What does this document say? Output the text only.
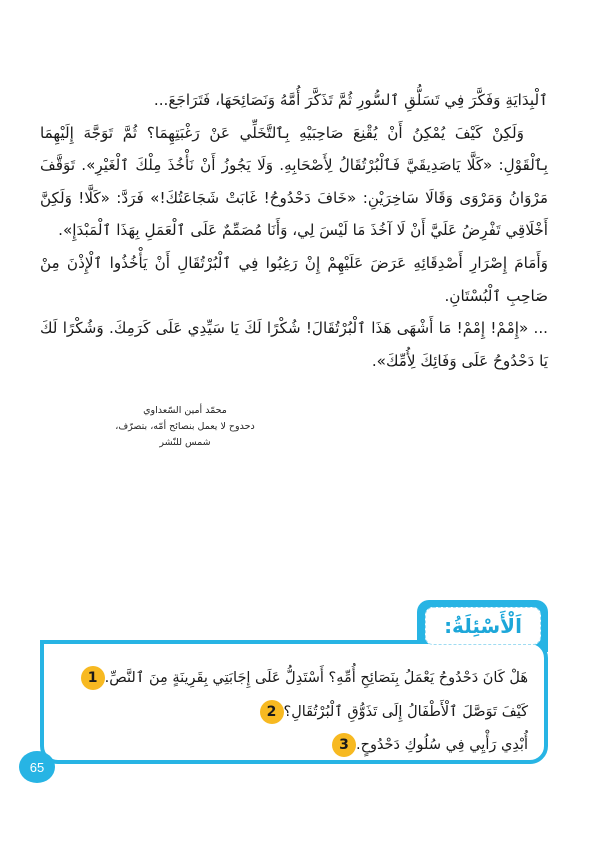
ٱلْبِدَايَةِ وَفَكَّرَ فِي تَسَلُّقِ ٱلسُّورِ ثُمَّ تَذَكَّرَ أُمَّهُ وَنَصَائِحَهَا، فَتَرَاجَعَ...

وَلَكِنْ كَيْفَ يُمْكِنُ أَنْ يُقْنِعَ صَاحِبَيْهِ بِٱلتَّخَلِّي عَنْ رَغْبَتِهِمَا؟ ثُمَّ تَوَجَّهَ إِلَيْهِمَا بِٱلْقَوْلِ: «كَلَّا يَاصَدِيقَيَّ فَٱلْبُرْتُقَالُ لِأَصْحَابِهِ. وَلَا يَجُوزُ أَنْ نَأْخُذَ مِلْكَ ٱلْغَيْرِ». تَوَقَّفَ مَرْوَانُ وَمَرْوَى وَقَالَا سَاخِرَيْنِ: «خَافَ دَحْدُوحُ! غَابَتْ شَجَاعَتُكَ!» فَرَدَّ: «كَلَّا! وَلَكِنَّ أَخْلَاقِي تَفْرِضُ عَلَيَّ أَنْ لَا آخُذَ مَا لَيْسَ لِي، وَأَنَا مُصَمِّمٌ عَلَى ٱلْعَمَلِ بِهَذَا ٱلْمَبْدَإِ».

وَأَمَامَ إِصْرَارِ أَصْدِقَائِهِ عَرَضَ عَلَيْهِمْ إِنْ رَغِبُوا فِي ٱلْبُرْتُقَالِ أَنْ يَأْخُذُوا ٱلْإِذْنَ مِنْ صَاحِبِ ٱلْبُسْتَانِ.

... «إِمْمْ! إِمْمْ! مَا أَشْهَى هَذَا ٱلْبُرْتُقَالَ! شُكْرًا لَكَ يَا سَيِّدِي عَلَى كَرَمِكَ. وَشُكْرًا لَكَ يَا دَحْدُوحُ عَلَى وَفَائِكَ لِأُمِّكَ».

محمّد أمين السّعداوي
دحدوح لا يعمل بنصائح أمّه، بتصرّف،
شمس للنّشر
1 هَلْ كَانَ دَحْدُوحُ يَعْمَلُ بِنَصَائِحِ أُمِّهِ؟ أَسْتَدِلُّ عَلَى إِجَابَتِي بِقَرِينَةٍ مِنَ ٱلنَّصِّ.
2 كَيْفَ تَوَصَّلَ ٱلْأَطْفَالُ إِلَى تَذَوُّقِ ٱلْبُرْتُقَالِ؟
3 أُبْدِي رَأْيِي فِي سُلُوكِ دَحْدُوحٍ.
اَلْأَسْئِلَةُ:
65
